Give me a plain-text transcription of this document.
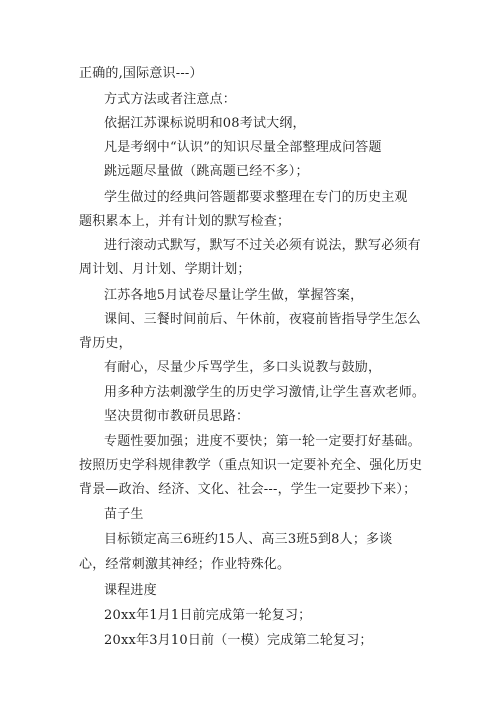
正确的,国际意识---）
方式方法或者注意点：
依据江苏课标说明和08考试大纲，
凡是考纲中“认识”的知识尽量全部整理成问答题
跳远题尽量做（跳高题已经不多）；
学生做过的经典问答题都要求整理在专门的历史主观
题积累本上，并有计划的默写检查；
进行滚动式默写，默写不过关必须有说法，默写必须有
周计划、月计划、学期计划；
江苏各地5月试卷尽量让学生做，掌握答案，
课间、三餐时间前后、午休前，夜寝前皆指导学生怎么
背历史，
有耐心，尽量少斥骂学生，多口头说教与鼓励，
用多种方法刺激学生的历史学习激情,让学生喜欢老师。
坚决贯彻市教研员思路：
专题性要加强；进度不要快；第一轮一定要打好基础。
按照历史学科规律教学（重点知识一定要补充全、强化历史
背景—政治、经济、文化、社会---，学生一定要抄下来）；
苗子生
目标锁定高三6班约15人、高三3班5到8人；多谈
心，经常刺激其神经；作业特殊化。
课程进度
20xx年1月1日前完成第一轮复习；
20xx年3月10日前（一模）完成第二轮复习；
